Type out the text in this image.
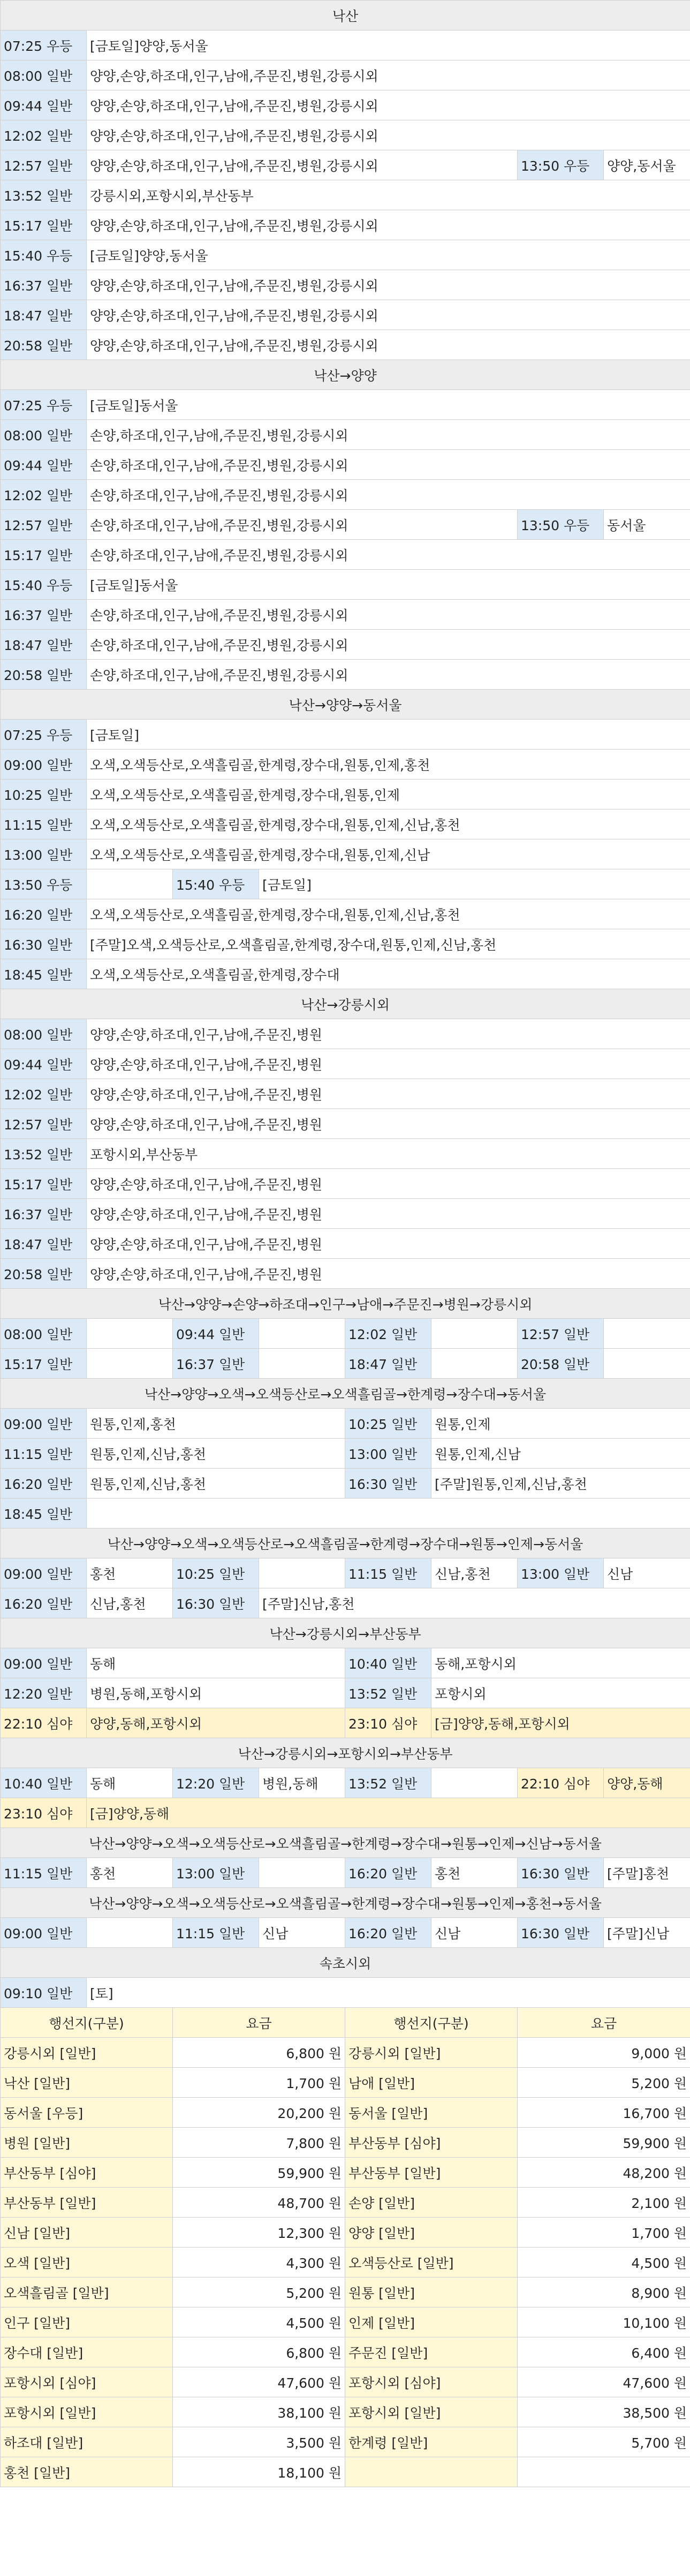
낙산							
07:25 우등	[금토일]양양,동서울						
08:00 일반	양양,손양,하조대,인구,남애,주문진,병원,강릉시외						
09:44 일반	양양,손양,하조대,인구,남애,주문진,병원,강릉시외						
12:02 일반	양양,손양,하조대,인구,남애,주문진,병원,강릉시외						
12:57 일반	양양,손양,하조대,인구,남애,주문진,병원,강릉시외					13:50 우등	양양,동서울
13:52 일반	강릉시외,포항시외,부산동부						
15:17 일반	양양,손양,하조대,인구,남애,주문진,병원,강릉시외						
15:40 우등	[금토일]양양,동서울						
16:37 일반	양양,손양,하조대,인구,남애,주문진,병원,강릉시외						
18:47 일반	양양,손양,하조대,인구,남애,주문진,병원,강릉시외						
20:58 일반	양양,손양,하조대,인구,남애,주문진,병원,강릉시외						
낙산→양양							
07:25 우등	[금토일]동서울						
08:00 일반	손양,하조대,인구,남애,주문진,병원,강릉시외						
09:44 일반	손양,하조대,인구,남애,주문진,병원,강릉시외						
12:02 일반	손양,하조대,인구,남애,주문진,병원,강릉시외						
12:57 일반	손양,하조대,인구,남애,주문진,병원,강릉시외					13:50 우등	동서울
15:17 일반	손양,하조대,인구,남애,주문진,병원,강릉시외						
15:40 우등	[금토일]동서울						
16:37 일반	손양,하조대,인구,남애,주문진,병원,강릉시외						
18:47 일반	손양,하조대,인구,남애,주문진,병원,강릉시외						
20:58 일반	손양,하조대,인구,남애,주문진,병원,강릉시외						
낙산→양양→동서울							
07:25 우등	[금토일]						
09:00 일반	오색,오색등산로,오색흘림골,한계령,장수대,원통,인제,홍천						
10:25 일반	오색,오색등산로,오색흘림골,한계령,장수대,원통,인제						
11:15 일반	오색,오색등산로,오색흘림골,한계령,장수대,원통,인제,신남,홍천						
13:00 일반	오색,오색등산로,오색흘림골,한계령,장수대,원통,인제,신남						
13:50 우등		15:40 우등	[금토일]				
16:20 일반	오색,오색등산로,오색흘림골,한계령,장수대,원통,인제,신남,홍천						
16:30 일반	[주말]오색,오색등산로,오색흘림골,한계령,장수대,원통,인제,신남,홍천						
18:45 일반	오색,오색등산로,오색흘림골,한계령,장수대						
낙산→강릉시외							
08:00 일반	양양,손양,하조대,인구,남애,주문진,병원						
09:44 일반	양양,손양,하조대,인구,남애,주문진,병원						
12:02 일반	양양,손양,하조대,인구,남애,주문진,병원						
12:57 일반	양양,손양,하조대,인구,남애,주문진,병원						
13:52 일반	포항시외,부산동부						
15:17 일반	양양,손양,하조대,인구,남애,주문진,병원						
16:37 일반	양양,손양,하조대,인구,남애,주문진,병원						
18:47 일반	양양,손양,하조대,인구,남애,주문진,병원						
20:58 일반	양양,손양,하조대,인구,남애,주문진,병원						
낙산→양양→손양→하조대→인구→남애→주문진→병원→강릉시외							
08:00 일반		09:44 일반		12:02 일반		12:57 일반	
15:17 일반		16:37 일반		18:47 일반		20:58 일반	
낙산→양양→오색→오색등산로→오색흘림골→한계령→장수대→동서울							
09:00 일반	원통,인제,홍천			10:25 일반	원통,인제		
11:15 일반	원통,인제,신남,홍천			13:00 일반	원통,인제,신남		
16:20 일반	원통,인제,신남,홍천			16:30 일반	[주말]원통,인제,신남,홍천		
18:45 일반							
낙산→양양→오색→오색등산로→오색흘림골→한계령→장수대→원통→인제→동서울							
09:00 일반	홍천	10:25 일반		11:15 일반	신남,홍천	13:00 일반	신남
16:20 일반	신남,홍천	16:30 일반	[주말]신남,홍천				
낙산→강릉시외→부산동부							
09:00 일반	동해			10:40 일반	동해,포항시외		
12:20 일반	병원,동해,포항시외			13:52 일반	포항시외		
22:10 심야	양양,동해,포항시외			23:10 심야	[금]양양,동해,포항시외		
낙산→강릉시외→포항시외→부산동부							
10:40 일반	동해	12:20 일반	병원,동해	13:52 일반		22:10 심야	양양,동해
23:10 심야	[금]양양,동해						
낙산→양양→오색→오색등산로→오색흘림골→한계령→장수대→원통→인제→신남→동서울							
11:15 일반	홍천	13:00 일반		16:20 일반	홍천	16:30 일반	[주말]홍천
낙산→양양→오색→오색등산로→오색흘림골→한계령→장수대→원통→인제→홍천→동서울							
09:00 일반		11:15 일반	신남	16:20 일반	신남	16:30 일반	[주말]신남
속초시외							
09:10 일반	[토]						
행선지(구분)		요금		행선지(구분)		요금	
강릉시외 [일반]		6,800 원		강릉시외 [일반]		9,000 원	
낙산 [일반]		1,700 원		남애 [일반]		5,200 원	
동서울 [우등]		20,200 원		동서울 [일반]		16,700 원	
병원 [일반]		7,800 원		부산동부 [심야]		59,900 원	
부산동부 [심야]		59,900 원		부산동부 [일반]		48,200 원	
부산동부 [일반]		48,700 원		손양 [일반]		2,100 원	
신남 [일반]		12,300 원		양양 [일반]		1,700 원	
오색 [일반]		4,300 원		오색등산로 [일반]		4,500 원	
오색흘림골 [일반]		5,200 원		원통 [일반]		8,900 원	
인구 [일반]		4,500 원		인제 [일반]		10,100 원	
장수대 [일반]		6,800 원		주문진 [일반]		6,400 원	
포항시외 [심야]		47,600 원		포항시외 [심야]		47,600 원	
포항시외 [일반]		38,100 원		포항시외 [일반]		38,500 원	
하조대 [일반]		3,500 원		한계령 [일반]		5,700 원	
홍천 [일반]		18,100 원					
